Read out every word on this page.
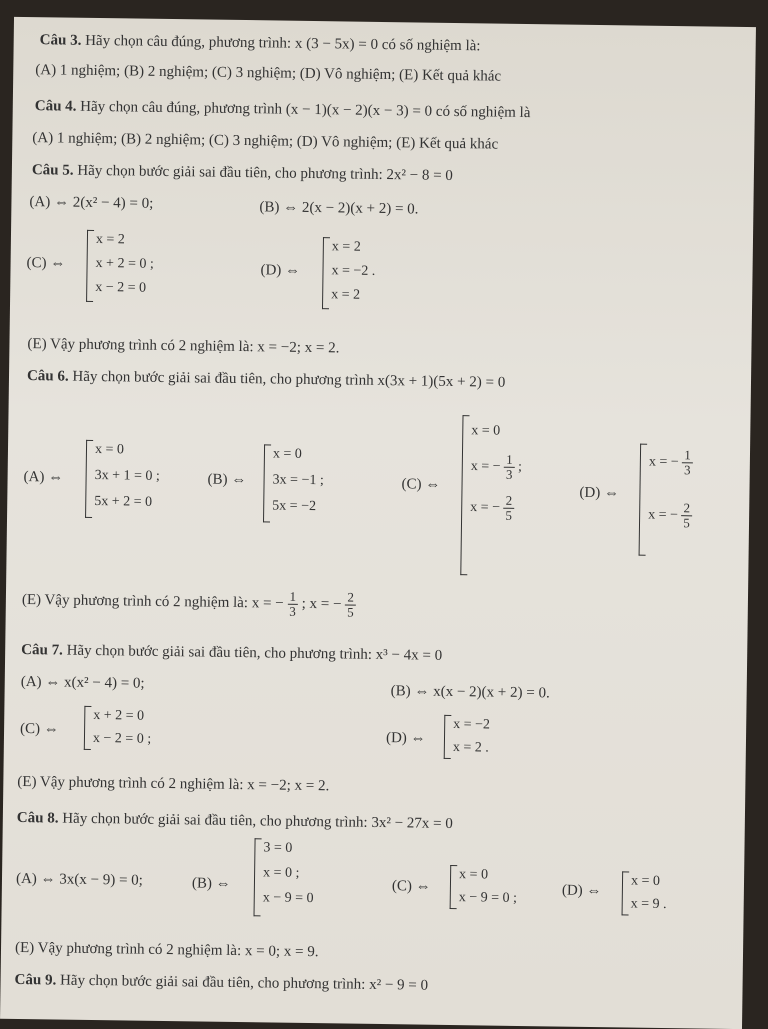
Câu 3. Hãy chọn câu đúng, phương trình: x (3 − 5x) = 0 có số nghiệm là:
(A) 1 nghiệm; (B) 2 nghiệm; (C) 3 nghiệm; (D) Vô nghiệm; (E) Kết quả khác
Câu 4. Hãy chọn câu đúng, phương trình (x − 1)(x − 2)(x − 3) = 0 có số nghiệm là
(A) 1 nghiệm; (B) 2 nghiệm; (C) 3 nghiệm; (D) Vô nghiệm; (E) Kết quả khác
Câu 5. Hãy chọn bước giải sai đầu tiên, cho phương trình: 2x² − 8 = 0
(A) ⇔ 2(x² − 4) = 0;	(B) ⇔ 2(x − 2)(x + 2) = 0.
(C) ⇔
x = 2
x + 2 = 0 ;
x − 2 = 0
(D) ⇔
x = 2
x = −2 .
x = 2
(E) Vậy phương trình có 2 nghiệm là: x = −2; x = 2.
Câu 6. Hãy chọn bước giải sai đầu tiên, cho phương trình x(3x + 1)(5x + 2) = 0
(A) ⇔
x = 0
3x + 1 = 0 ;
5x + 2 = 0
(B) ⇔
x = 0
3x = −1 ;
5x = −2
(C) ⇔
x = 0
x = − $\frac{1}{3}$ ;
x = − $\frac{2}{5}$
(D) ⇔
x = − $\frac{1}{3}$
x = − $\frac{2}{5}$
(E) Vậy phương trình có 2 nghiệm là: x = − $\frac{1}{3}$ ; x = − $\frac{2}{5}$
Câu 7. Hãy chọn bước giải sai đầu tiên, cho phương trình: x³ − 4x = 0
(A) ⇔ x(x² − 4) = 0;
(B) ⇔ x(x − 2)(x + 2) = 0.
(C) ⇔
x + 2 = 0
x − 2 = 0 ;	(D) ⇔
x = −2
x = 2 .
(E) Vậy phương trình có 2 nghiệm là: x = −2; x = 2.
Câu 8. Hãy chọn bước giải sai đầu tiên, cho phương trình: 3x² − 27x = 0
(A) ⇔ 3x(x − 9) = 0;	(B) ⇔
3 = 0
x = 0 ;
x − 9 = 0
(C) ⇔
x = 0
x − 9 = 0 ;	(D) ⇔
x = 0
x = 9 .
(E) Vậy phương trình có 2 nghiệm là: x = 0; x = 9.
Câu 9. Hãy chọn bước giải sai đầu tiên, cho phương trình: x² − 9 = 0
